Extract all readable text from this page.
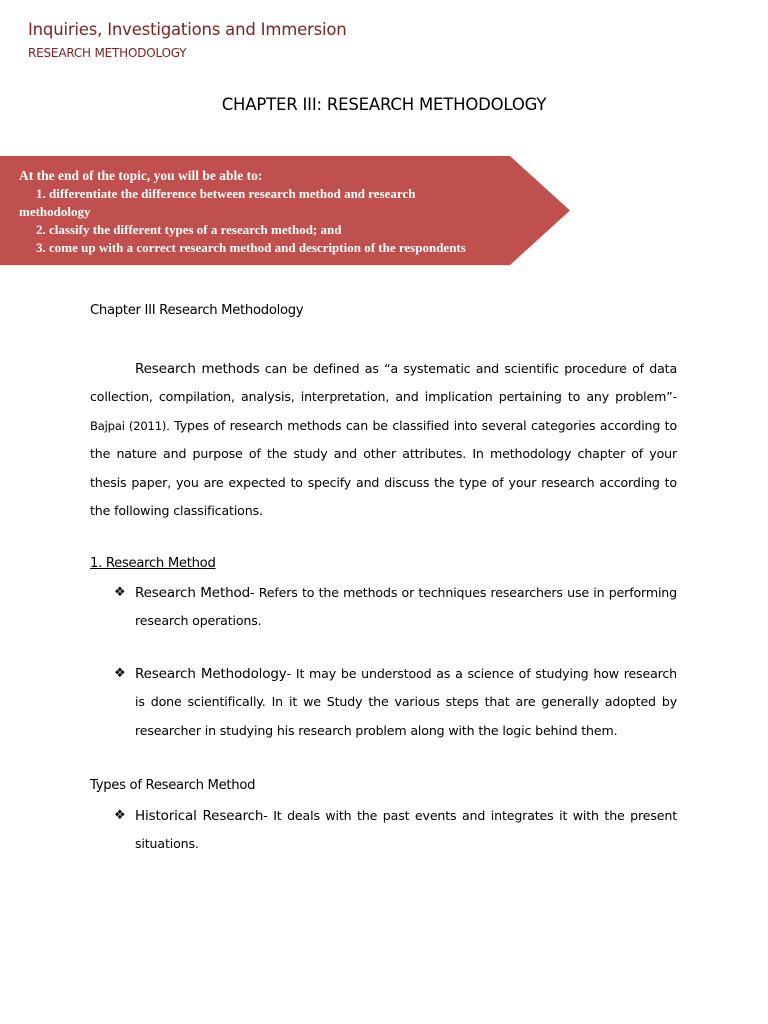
Inquiries, Investigations and Immersion
RESEARCH METHODOLOGY
CHAPTER III: RESEARCH METHODOLOGY
At the end of the topic, you will be able to:
1. differentiate the difference between research method and research
methodology
2. classify the different types of a research method; and
3. come up with a correct research method and description of the respondents
Chapter III Research Methodology
Research methods can be defined as “a systematic and scientific procedure of data collection, compilation, analysis, interpretation, and implication pertaining to any problem”- Bajpai (2011). Types of research methods can be classified into several categories according to the nature and purpose of the study and other attributes. In methodology chapter of your thesis paper, you are expected to specify and discuss the type of your research according to the following classifications.
1. Research Method
❖ Research Method- Refers to the methods or techniques researchers use in performing research operations.
❖ Research Methodology- It may be understood as a science of studying how research is done scientifically. In it we Study the various steps that are generally adopted by researcher in studying his research problem along with the logic behind them.
Types of Research Method
❖ Historical Research- It deals with the past events and integrates it with the present situations.
